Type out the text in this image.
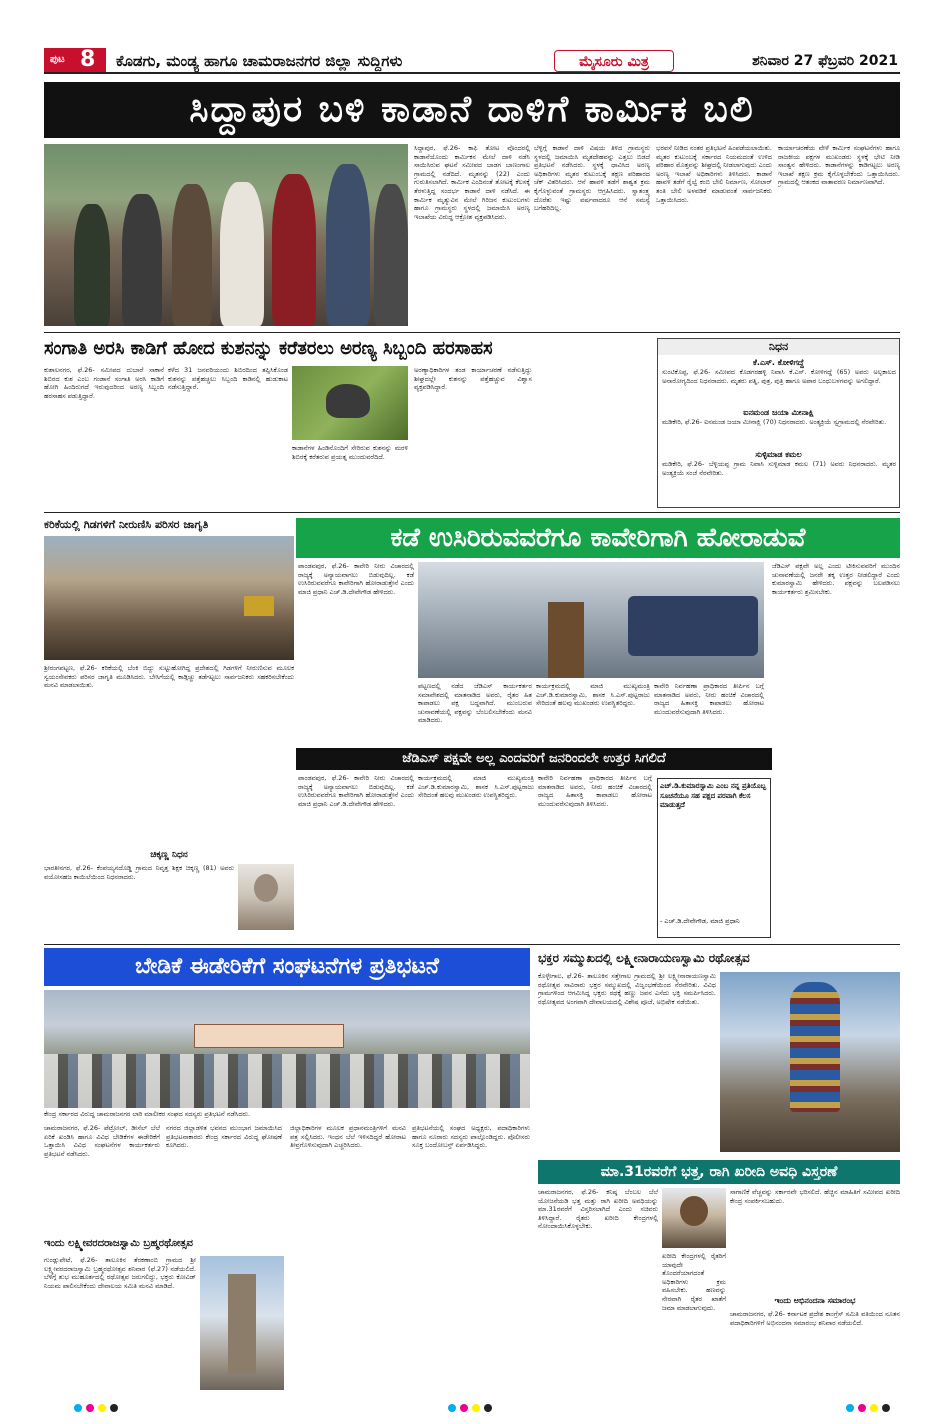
ಪುಟ 8 ಕೊಡಗು, ಮಂಡ್ಯ ಹಾಗೂ ಚಾಮರಾಜನಗರ ಜಿಲ್ಲಾ ಸುದ್ದಿಗಳು	ಮೈಸೂರು ಮಿತ್ರ	ಶನಿವಾರ 27 ಫೆಬ್ರವರಿ 2021
ಸಿದ್ದಾಪುರ ಬಳಿ ಕಾಡಾನೆ ದಾಳಿಗೆ ಕಾರ್ಮಿಕ ಬಲಿ
ಸಿದ್ದಾಪುರ, ಫೆ.26- ಕಾಫಿ ತೋಟ ವೊಂದರಲ್ಲಿ ಕಾಡಾನೆಯೊಂದು ಕಾರ್ಮಿಕನ ಮೇಲೆ ದಾಳಿ ನಡೆಸಿ ಸಾಯಿಸಿರುವ ಘಟನೆ ಸಮೀಪದ ಬಾಡಗ ಬಾಣಂಗಾಲ ಗ್ರಾಮದಲ್ಲಿ ನಡೆದಿದೆ. ಮೃತನನ್ನು (22) ಎಂದು ಗುರುತಿಸಲಾಗಿದೆ. ಕಾರ್ಮಿಕ ಎಂದಿನಂತೆ ತೋಟಕ್ಕೆ ಕೆಲಸಕ್ಕೆ ತೆರಳುತ್ತಿದ್ದ ಸಂದರ್ಭ ಕಾಡಾನೆ ದಾಳಿ ನಡೆಸಿದೆ. ಈ ಕಾರ್ಮಿಕ ಮೃತ್ಯುವಿನ ಮೇಲೆ ಗಿರಿಜನ ಕುಟುಂಬಗಳು ಹಾಗೂ ಗ್ರಾಮಸ್ಥರು ಸ್ಥಳದಲ್ಲಿ ಜಮಾಯಿಸಿ ಅರಣ್ಯ ಇಲಾಖೆಯ ವಿರುದ್ಧ ಆಕ್ರೋಶ ವ್ಯಕ್ತಪಡಿಸಿದರು.
ಬೆಳ್ಳಿಗ್ಗೆ ಕಾಡಾನೆ ದಾಳಿ ವಿಷಯ ತಿಳಿದ ಗ್ರಾಮಸ್ಥರು ಸ್ಥಳದಲ್ಲಿ ಜಮಾಯಿಸಿ ಮೃತದೇಹವನ್ನು ಎತ್ತಲು ಬಿಡದೆ ಪ್ರತಿಭಟನೆ ನಡೆಸಿದರು. ಸ್ಥಳಕ್ಕೆ ಧಾವಿಸಿದ ಅರಣ್ಯ ಅಧಿಕಾರಿಗಳು ಮೃತರ ಕುಟುಂಬಕ್ಕೆ ತಕ್ಷಣ ಪರಿಹಾರದ ಚೆಕ್ ವಿತರಿಸಿದರು. ಆನೆ ಹಾವಳಿ ತಡೆಗೆ ಶಾಶ್ವತ ಕ್ರಮ ಕೈಗೊಳ್ಳುವಂತೆ ಗ್ರಾಮಸ್ಥರು ಆಗ್ರಹಿಸಿದರು. ಸ್ವಾತಂತ್ರ್ಯ ದೊರೆತು ಇಷ್ಟು ವರ್ಷವಾದರೂ ಆನೆ ಸಮಸ್ಯೆ ಬಗೆಹರಿದಿಲ್ಲ.
ಭರವಸೆ ನೀಡಿದ ನಂತರ ಪ್ರತಿಭಟನೆ ಹಿಂಪಡೆಯಲಾಯಿತು. ಮೃತರ ಕುಟುಂಬಕ್ಕೆ ಸರ್ಕಾರದ ನಿಯಮದಂತೆ ಉಳಿದ ಪರಿಹಾರ ಮೊತ್ತವನ್ನು ಶೀಘ್ರದಲ್ಲಿ ನೀಡಲಾಗುವುದು ಎಂದು ಅರಣ್ಯ ಇಲಾಖೆ ಅಧಿಕಾರಿಗಳು ತಿಳಿಸಿದರು. ಕಾಡಾನೆ ಹಾವಳಿ ತಡೆಗೆ ರೈಲ್ವೆ ಕಂಬಿ ಬೇಲಿ ನಿರ್ಮಾಣ, ಸೋಲಾರ್ ತಂತಿ ಬೇಲಿ ಅಳವಡಿಕೆ ಮಾಡುವಂತೆ ಸಾರ್ವಜನಿಕರು ಒತ್ತಾಯಿಸಿದರು.
ಕಾರ್ಯಾಚರಣೆಯ ವೇಳೆ ಕಾರ್ಮಿಕ ಸಂಘಟನೆಗಳು ಹಾಗೂ ರಾಜಕೀಯ ಪಕ್ಷಗಳ ಮುಖಂಡರು ಸ್ಥಳಕ್ಕೆ ಭೇಟಿ ನೀಡಿ ಸಾಂತ್ವನ ಹೇಳಿದರು. ಕಾಡಾನೆಗಳನ್ನು ಕಾಡಿಗಟ್ಟಲು ಅರಣ್ಯ ಇಲಾಖೆ ತಕ್ಷಣ ಕ್ರಮ ಕೈಗೊಳ್ಳಬೇಕೆಂದು ಒತ್ತಾಯಿಸಿದರು. ಗ್ರಾಮದಲ್ಲಿ ಆತಂಕದ ವಾತಾವರಣ ನಿರ್ಮಾಣವಾಗಿದೆ.
ಸಂಗಾತಿ ಅರಸಿ ಕಾಡಿಗೆ ಹೋದ ಕುಶನನ್ನು ಕರೆತರಲು ಅರಣ್ಯ ಸಿಬ್ಬಂದಿ ಹರಸಾಹಸ
ಕುಶಾಲನಗರ, ಫೆ.26- ಸಮೀಪದ ದುಬಾರೆ ಸಾಕಾನೆ ಶಿಬಿರದ ಕುಶ ಎಂಬ ಗಂಡಾನೆ ಸಂಗಾತಿ ಅರಸಿ ಕಾಡಿಗೆ ಹೋಗಿ ಹಿಂದಿರುಗದೆ ಇರುವುದರಿಂದ ಅರಣ್ಯ ಸಿಬ್ಬಂದಿ ಹರಸಾಹಸ ಪಡುತ್ತಿದ್ದಾರೆ.
ಕಳೆದ 31 ಜನವರಿಯಂದು ಶಿಬಿರದಿಂದ ತಪ್ಪಿಸಿಕೊಂಡ ಕುಶನನ್ನು ಪತ್ತೆಹಚ್ಚಲು ಸಿಬ್ಬಂದಿ ಕಾಡಿನಲ್ಲಿ ಹುಡುಕಾಟ ನಡೆಸುತ್ತಿದ್ದಾರೆ.
ಕಾಡಾನೆಗಳ ಹಿಂಡಿನೊಂದಿಗೆ ಸೇರಿರುವ ಕುಶನನ್ನು ಮರಳಿ ಶಿಬಿರಕ್ಕೆ ಕರೆತರುವ ಪ್ರಯತ್ನ ಮುಂದುವರೆದಿದೆ.
ಅರಣ್ಯಾಧಿಕಾರಿಗಳ ತಂಡ ಕಾರ್ಯಾಚರಣೆ ನಡೆಸುತ್ತಿದ್ದು ಶೀಘ್ರದಲ್ಲೇ ಕುಶನನ್ನು ಪತ್ತೆಹಚ್ಚುವ ವಿಶ್ವಾಸ ವ್ಯಕ್ತಪಡಿಸಿದ್ದಾರೆ.
ನಿಧನ
ಕೆ.ಎಸ್. ಕೋಳಿಗದ್ದೆ
ಸುಂಟಿಕೊಪ್ಪ, ಫೆ.26- ಸಮೀಪದ ಕೊಡಗರಹಳ್ಳಿ ನಿವಾಸಿ ಕೆ.ಎಸ್. ಕೋಳಿಗದ್ದೆ (65) ಅವರು ಅಲ್ಪಕಾಲದ ಅನಾರೋಗ್ಯದಿಂದ ನಿಧನರಾದರು. ಮೃತರು ಪತ್ನಿ, ಪುತ್ರ, ಪುತ್ರಿ ಹಾಗೂ ಅಪಾರ ಬಂಧುಬಳಗವನ್ನು ಅಗಲಿದ್ದಾರೆ.
ಐನಮಂಡ ಜಯಾ ಮೀನಾಕ್ಷಿ
ಮಡಿಕೇರಿ, ಫೆ.26- ಐನಮಂಡ ಜಯಾ ಮೀನಾಕ್ಷಿ (70) ನಿಧನರಾದರು. ಅಂತ್ಯಕ್ರಿಯೆ ಸ್ವಗ್ರಾಮದಲ್ಲಿ ನೆರವೇರಿತು.
ಸುಳ್ಳಿಮಾಡ ಕಮಲ
ಮಡಿಕೇರಿ, ಫೆ.26- ಬೆಳ್ಳಿಯಪ್ಪ ಗ್ರಾಮ ನಿವಾಸಿ ಸುಳ್ಳಿಮಾಡ ಕಮಲ (71) ಅವರು ನಿಧನರಾದರು. ಮೃತರ ಅಂತ್ಯಕ್ರಿಯೆ ಸಂಜೆ ನೆರವೇರಿತು.
ಕರಿಕೆಯಲ್ಲಿ ಗಿಡಗಳಿಗೆ ನೀರುಣಿಸಿ ಪರಿಸರ ಜಾಗೃತಿ
ಶ್ರೀರಂಗಪಟ್ಟಣ, ಫೆ.26- ಕರಿಕೆಯಲ್ಲಿ ಬೆಂಕಿ ಬಿದ್ದು ಸುಟ್ಟುಹೋಗಿದ್ದ ಪ್ರದೇಶದಲ್ಲಿ ಗಿಡಗಳಿಗೆ ನೀರುಣಿಸುವ ಮೂಲಕ ಸ್ವಯಂಸೇವಕರು ಪರಿಸರ ಜಾಗೃತಿ ಮೂಡಿಸಿದರು. ಬೇಸಿಗೆಯಲ್ಲಿ ಕಾಡ್ಗಿಚ್ಚು ತಡೆಗಟ್ಟಲು ಸಾರ್ವಜನಿಕರು ಸಹಕರಿಸಬೇಕೆಂದು ಮನವಿ ಮಾಡಲಾಯಿತು.
ಚಿಕ್ಕಣ್ಣ ನಿಧನ
ಭಾರತೀನಗರ, ಫೆ.26- ಕೆಂಪಯ್ಯನದೊಡ್ಡಿ ಗ್ರಾಮದ ನಿವೃತ್ತ ಶಿಕ್ಷಕ ಚಿಕ್ಕಣ್ಣ (81) ಅವರು ವಯೋಸಹಜ ಕಾಯಿಲೆಯಿಂದ ನಿಧನರಾದರು.
ಕಡೆ ಉಸಿರಿರುವವರೆಗೂ ಕಾವೇರಿಗಾಗಿ ಹೋರಾಡುವೆ
ಪಾಂಡವಪುರ, ಫೆ.26- ಕಾವೇರಿ ನೀರು ವಿಚಾರದಲ್ಲಿ ರಾಜ್ಯಕ್ಕೆ ಅನ್ಯಾಯವಾಗಲು ಬಿಡುವುದಿಲ್ಲ. ಕಡೆ ಉಸಿರಿರುವವರೆಗೂ ಕಾವೇರಿಗಾಗಿ ಹೋರಾಡುತ್ತೇನೆ ಎಂದು ಮಾಜಿ ಪ್ರಧಾನಿ ಎಚ್.ಡಿ.ದೇವೇಗೌಡ ಹೇಳಿದರು.
ಪಟ್ಟಣದಲ್ಲಿ ನಡೆದ ಜೆಡಿಎಸ್ ಕಾರ್ಯಕರ್ತರ ಸಮಾವೇಶದಲ್ಲಿ ಮಾತನಾಡಿದ ಅವರು, ರೈತರ ಹಿತ ಕಾಪಾಡಲು ಪಕ್ಷ ಬದ್ಧವಾಗಿದೆ. ಮುಂಬರುವ ಚುನಾವಣೆಯಲ್ಲಿ ಪಕ್ಷವನ್ನು ಬೆಂಬಲಿಸಬೇಕೆಂದು ಮನವಿ ಮಾಡಿದರು.
ಕಾರ್ಯಕ್ರಮದಲ್ಲಿ ಮಾಜಿ ಮುಖ್ಯಮಂತ್ರಿ ಎಚ್.ಡಿ.ಕುಮಾರಸ್ವಾಮಿ, ಶಾಸಕ ಸಿ.ಎಸ್.ಪುಟ್ಟರಾಜು ಸೇರಿದಂತೆ ಹಲವು ಮುಖಂಡರು ಉಪಸ್ಥಿತರಿದ್ದರು.
ಕಾವೇರಿ ನಿರ್ವಹಣಾ ಪ್ರಾಧಿಕಾರದ ತೀರ್ಪಿನ ಬಗ್ಗೆ ಮಾತನಾಡಿದ ಅವರು, ನೀರು ಹಂಚಿಕೆ ವಿಚಾರದಲ್ಲಿ ರಾಜ್ಯದ ಹಿತಾಸಕ್ತಿ ಕಾಪಾಡಲು ಹೋರಾಟ ಮುಂದುವರೆಸುವುದಾಗಿ ತಿಳಿಸಿದರು.
ಜೆಡಿಎಸ್ ಪಕ್ಷವೇ ಅಲ್ಲ ಎಂದು ಟೀಕಿಸುವವರಿಗೆ ಮುಂದಿನ ಚುನಾವಣೆಯಲ್ಲಿ ಜನರೇ ತಕ್ಕ ಉತ್ತರ ನೀಡಲಿದ್ದಾರೆ ಎಂದು ಕುಮಾರಸ್ವಾಮಿ ಹೇಳಿದರು. ಪಕ್ಷವನ್ನು ಬಲಪಡಿಸಲು ಕಾರ್ಯಕರ್ತರು ಶ್ರಮಿಸಬೇಕು.
ಜೆಡಿಎಸ್ ಪಕ್ಷವೇ ಅಲ್ಲ ಎಂದವರಿಗೆ ಜನರಿಂದಲೇ ಉತ್ತರ ಸಿಗಲಿದೆ
ಪಾಂಡವಪುರ, ಫೆ.26- ಕಾವೇರಿ ನೀರು ವಿಚಾರದಲ್ಲಿ ರಾಜ್ಯಕ್ಕೆ ಅನ್ಯಾಯವಾಗಲು ಬಿಡುವುದಿಲ್ಲ. ಕಡೆ ಉಸಿರಿರುವವರೆಗೂ ಕಾವೇರಿಗಾಗಿ ಹೋರಾಡುತ್ತೇನೆ ಎಂದು ಮಾಜಿ ಪ್ರಧಾನಿ ಎಚ್.ಡಿ.ದೇವೇಗೌಡ ಹೇಳಿದರು.
ಕಾರ್ಯಕ್ರಮದಲ್ಲಿ ಮಾಜಿ ಮುಖ್ಯಮಂತ್ರಿ ಎಚ್.ಡಿ.ಕುಮಾರಸ್ವಾಮಿ, ಶಾಸಕ ಸಿ.ಎಸ್.ಪುಟ್ಟರಾಜು ಸೇರಿದಂತೆ ಹಲವು ಮುಖಂಡರು ಉಪಸ್ಥಿತರಿದ್ದರು.
ಕಾವೇರಿ ನಿರ್ವಹಣಾ ಪ್ರಾಧಿಕಾರದ ತೀರ್ಪಿನ ಬಗ್ಗೆ ಮಾತನಾಡಿದ ಅವರು, ನೀರು ಹಂಚಿಕೆ ವಿಚಾರದಲ್ಲಿ ರಾಜ್ಯದ ಹಿತಾಸಕ್ತಿ ಕಾಪಾಡಲು ಹೋರಾಟ ಮುಂದುವರೆಸುವುದಾಗಿ ತಿಳಿಸಿದರು.
ಎಚ್.ಡಿ.ಕುಮಾರಸ್ವಾಮಿ ಎಂಬ ನನ್ನ ಪ್ರತಿಯೊಬ್ಬ ಸೂಚನೆಯೂ ಸಹ ಪಕ್ಷದ ಪರವಾಗಿ ಕೆಲಸ ಮಾಡುತ್ತದೆ
- ಎಚ್.ಡಿ.ದೇವೇಗೌಡ, ಮಾಜಿ ಪ್ರಧಾನಿ
ಬೇಡಿಕೆ ಈಡೇರಿಕೆಗೆ ಸಂಘಟನೆಗಳ ಪ್ರತಿಭಟನೆ
ಕೇಂದ್ರ ಸರ್ಕಾರದ ವಿರುದ್ಧ ಚಾಮರಾಜನಗರ ಲಾರಿ ಮಾಲೀಕರ ಸಂಘದ ಸದಸ್ಯರು ಪ್ರತಿಭಟನೆ ನಡೆಸಿದರು.
ಚಾಮರಾಜನಗರ, ಫೆ.26- ಪೆಟ್ರೋಲ್, ಡೀಸೆಲ್ ಬೆಲೆ ಏರಿಕೆ ಖಂಡಿಸಿ ಹಾಗೂ ವಿವಿಧ ಬೇಡಿಕೆಗಳ ಈಡೇರಿಕೆಗೆ ಒತ್ತಾಯಿಸಿ ವಿವಿಧ ಸಂಘಟನೆಗಳ ಕಾರ್ಯಕರ್ತರು ಪ್ರತಿಭಟನೆ ನಡೆಸಿದರು.
ನಗರದ ಜಿಲ್ಲಾಡಳಿತ ಭವನದ ಮುಂಭಾಗ ಜಮಾಯಿಸಿದ ಪ್ರತಿಭಟನಾಕಾರರು ಕೇಂದ್ರ ಸರ್ಕಾರದ ವಿರುದ್ಧ ಘೋಷಣೆ ಕೂಗಿದರು.
ಜಿಲ್ಲಾಧಿಕಾರಿಗಳ ಮೂಲಕ ಪ್ರಧಾನಮಂತ್ರಿಗಳಿಗೆ ಮನವಿ ಪತ್ರ ಸಲ್ಲಿಸಿದರು. ಇಂಧನ ಬೆಲೆ ಇಳಿಸದಿದ್ದರೆ ಹೋರಾಟ ತೀವ್ರಗೊಳಿಸುವುದಾಗಿ ಎಚ್ಚರಿಸಿದರು.
ಪ್ರತಿಭಟನೆಯಲ್ಲಿ ಸಂಘದ ಅಧ್ಯಕ್ಷರು, ಪದಾಧಿಕಾರಿಗಳು ಹಾಗೂ ನೂರಾರು ಸದಸ್ಯರು ಪಾಲ್ಗೊಂಡಿದ್ದರು. ಪೊಲೀಸರು ಸೂಕ್ತ ಬಂದೋಬಸ್ತ್ ಏರ್ಪಡಿಸಿದ್ದರು.
ಇಂದು ಲಕ್ಷ್ಮೀವರದರಾಜಸ್ವಾಮಿ ಬ್ರಹ್ಮರಥೋತ್ಸವ
ಗುಂಡ್ಲುಪೇಟೆ, ಫೆ.26- ತಾಲೂಕಿನ ತೆರಕಣಾಂಬಿ ಗ್ರಾಮದ ಶ್ರೀ ಲಕ್ಷ್ಮೀವರದರಾಜಸ್ವಾಮಿ ಬ್ರಹ್ಮರಥೋತ್ಸವ ಶನಿವಾರ (ಫೆ.27) ನಡೆಯಲಿದೆ. ಬೆಳಿಗ್ಗೆ ಶುಭ ಮುಹೂರ್ತದಲ್ಲಿ ರಥೋತ್ಸವ ಜರುಗಲಿದ್ದು, ಭಕ್ತರು ಕೋವಿಡ್ ನಿಯಮ ಪಾಲಿಸಬೇಕೆಂದು ದೇವಾಲಯ ಸಮಿತಿ ಮನವಿ ಮಾಡಿದೆ.
ಭಕ್ತರ ಸಮ್ಮುಖದಲ್ಲಿ ಲಕ್ಷ್ಮೀನಾರಾಯಣಸ್ವಾಮಿ ರಥೋತ್ಸವ
ಕೊಳ್ಳೇಗಾಲ, ಫೆ.26- ತಾಲೂಕಿನ ಸತ್ತೇಗಾಲ ಗ್ರಾಮದಲ್ಲಿ ಶ್ರೀ ಲಕ್ಷ್ಮೀನಾರಾಯಣಸ್ವಾಮಿ ರಥೋತ್ಸವ ಸಾವಿರಾರು ಭಕ್ತರ ಸಮ್ಮುಖದಲ್ಲಿ ವಿಜೃಂಭಣೆಯಿಂದ ನೆರವೇರಿತು. ವಿವಿಧ ಗ್ರಾಮಗಳಿಂದ ಆಗಮಿಸಿದ್ದ ಭಕ್ತರು ರಥಕ್ಕೆ ಹಣ್ಣು ಜವನ ಎಸೆದು ಭಕ್ತಿ ಸಮರ್ಪಿಸಿದರು. ರಥೋತ್ಸವದ ಅಂಗವಾಗಿ ದೇವಾಲಯದಲ್ಲಿ ವಿಶೇಷ ಪೂಜೆ, ಅಭಿಷೇಕ ನಡೆಯಿತು.
ಮಾ.31ರವರೆಗೆ ಭತ್ತ, ರಾಗಿ ಖರೀದಿ ಅವಧಿ ವಿಸ್ತರಣೆ
ಚಾಮರಾಜನಗರ, ಫೆ.26- ಕನಿಷ್ಠ ಬೆಂಬಲ ಬೆಲೆ ಯೋಜನೆಯಡಿ ಭತ್ತ ಮತ್ತು ರಾಗಿ ಖರೀದಿ ಅವಧಿಯನ್ನು ಮಾ.31ರವರೆಗೆ ವಿಸ್ತರಿಸಲಾಗಿದೆ ಎಂದು ಸಚಿವರು ತಿಳಿಸಿದ್ದಾರೆ. ರೈತರು ಖರೀದಿ ಕೇಂದ್ರಗಳಲ್ಲಿ ನೋಂದಾಯಿಸಿಕೊಳ್ಳಬೇಕು.
ಖರೀದಿ ಕೇಂದ್ರಗಳಲ್ಲಿ ರೈತರಿಗೆ ಯಾವುದೇ ತೊಂದರೆಯಾಗದಂತೆ ಅಧಿಕಾರಿಗಳು ಕ್ರಮ ವಹಿಸಬೇಕು. ಹಣವನ್ನು ನೇರವಾಗಿ ರೈತರ ಖಾತೆಗೆ ಜಮಾ ಮಾಡಲಾಗುವುದು.
ಸಾಗಾಣಿಕೆ ವೆಚ್ಚವನ್ನು ಸರ್ಕಾರವೇ ಭರಿಸಲಿದೆ. ಹೆಚ್ಚಿನ ಮಾಹಿತಿಗೆ ಸಮೀಪದ ಖರೀದಿ ಕೇಂದ್ರ ಸಂಪರ್ಕಿಸಬಹುದು.
ಇಂದು ಅಭಿನಂದನಾ ಸಮಾರಂಭ
ಚಾಮರಾಜನಗರ, ಫೆ.26- ಕರ್ನಾಟಕ ಪ್ರದೇಶ ಕಾಂಗ್ರೆಸ್ ಸಮಿತಿ ವತಿಯಿಂದ ನೂತನ ಪದಾಧಿಕಾರಿಗಳಿಗೆ ಅಭಿನಂದನಾ ಸಮಾರಂಭ ಶನಿವಾರ ನಡೆಯಲಿದೆ.
